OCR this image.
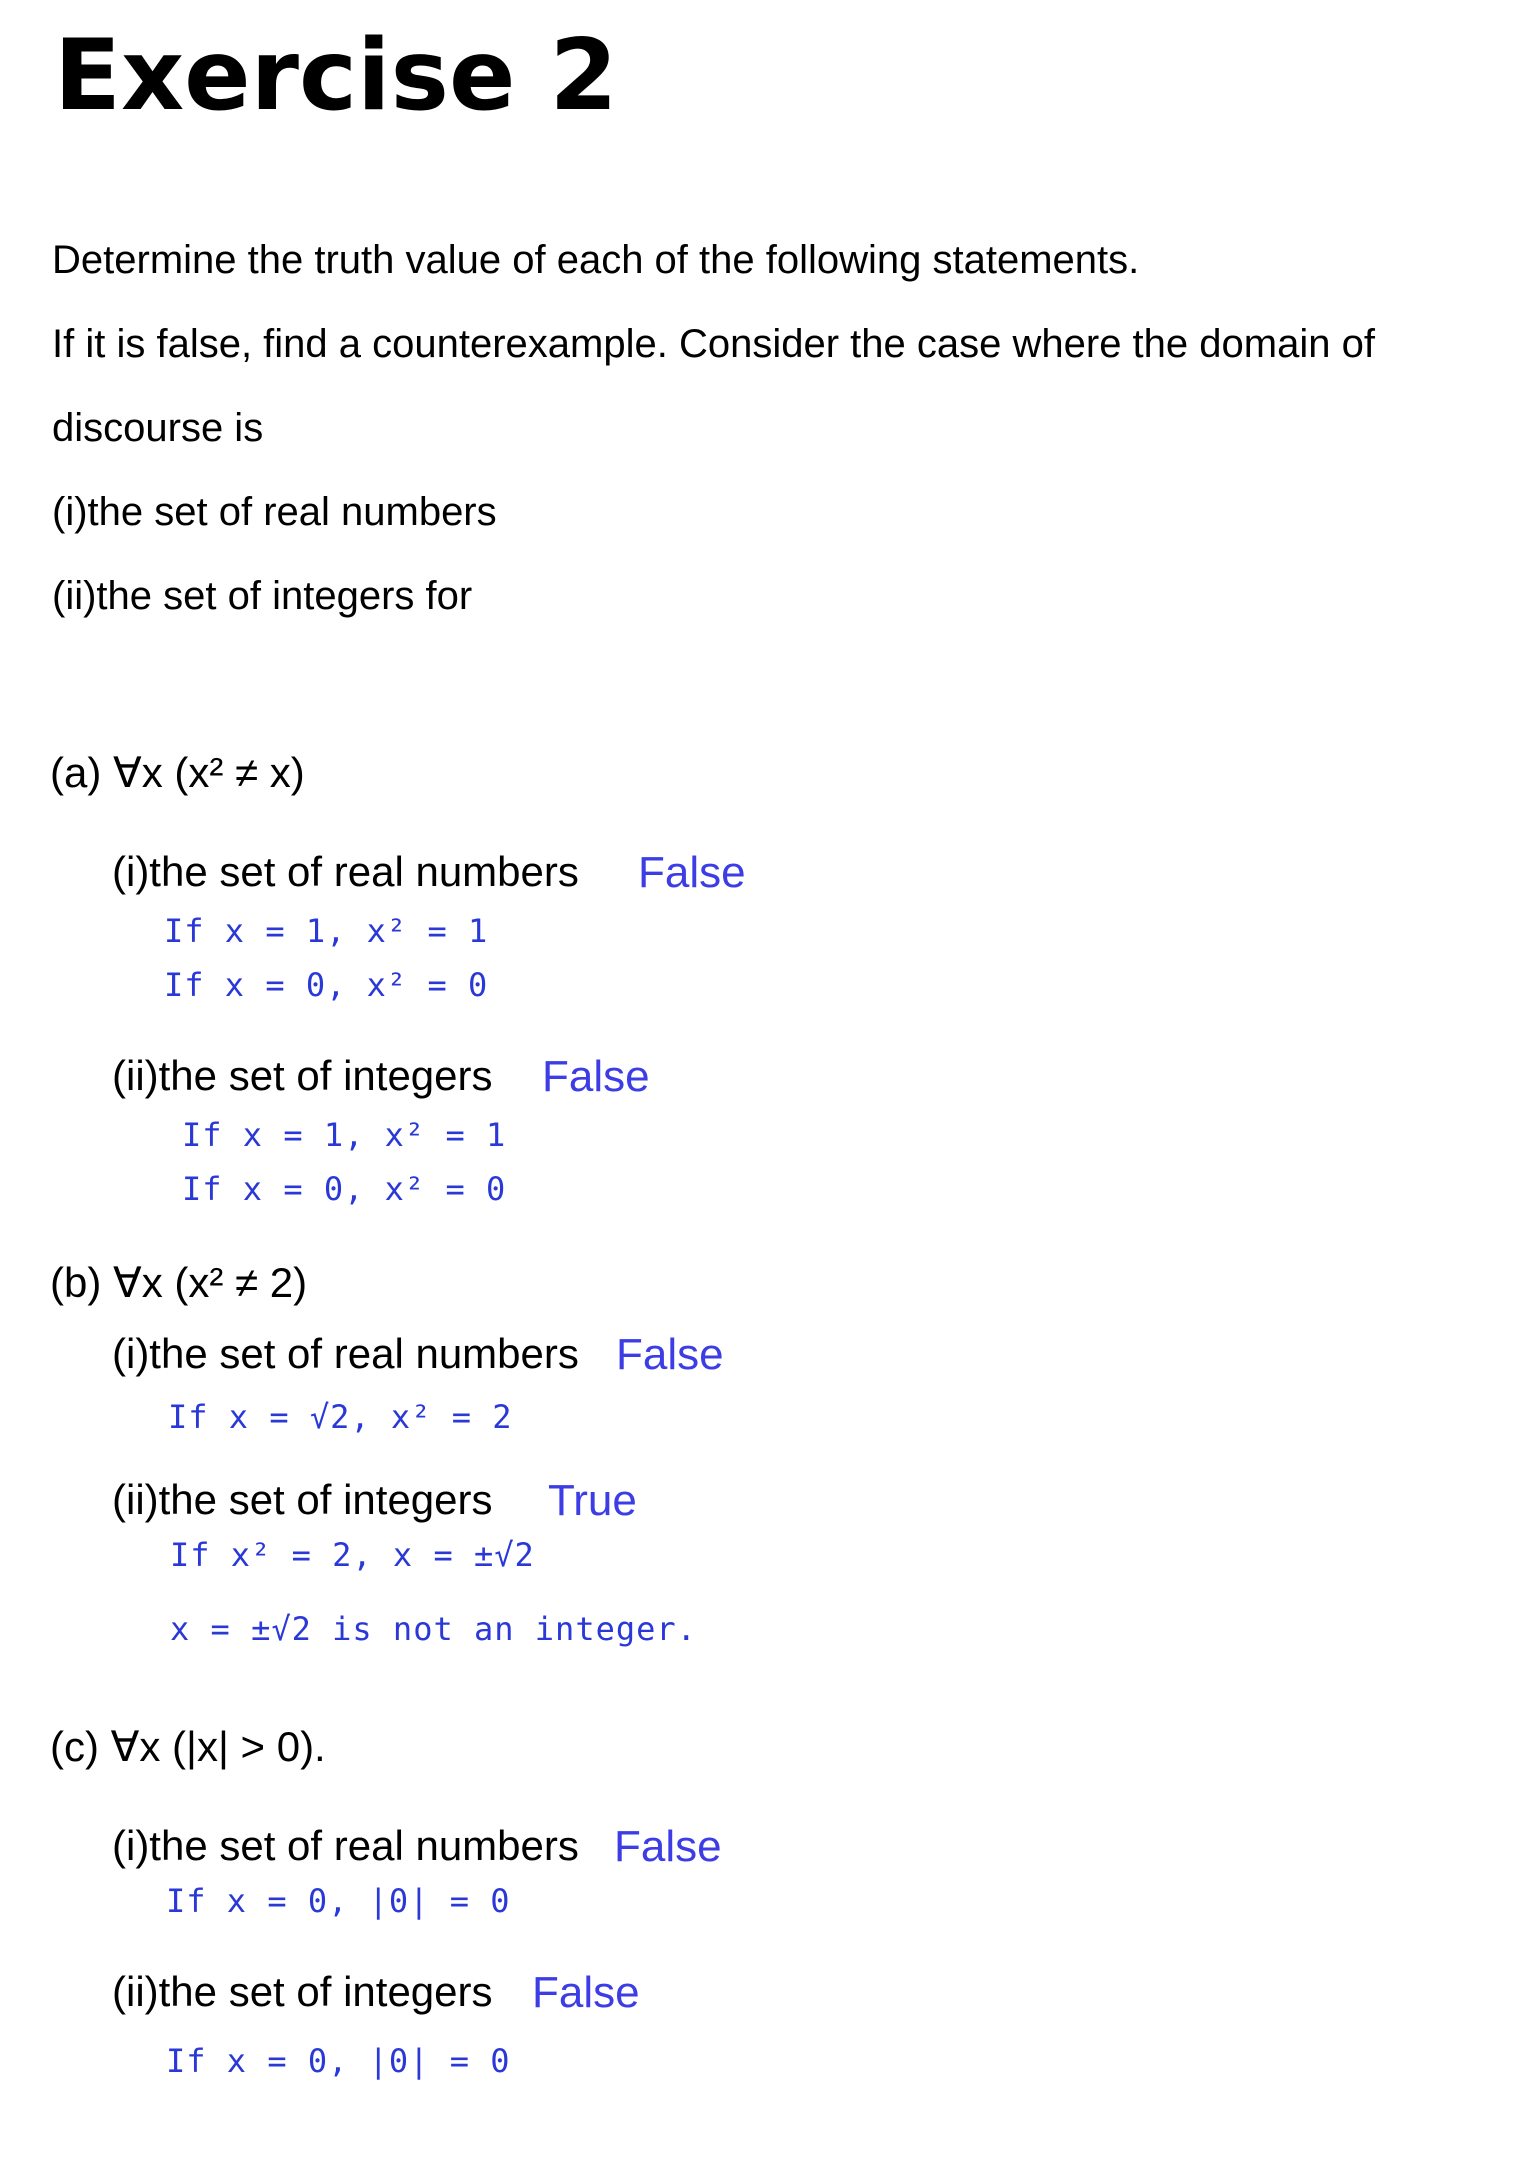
Exercise 2
Determine the truth value of each of the following statements.
If it is false, find a counterexample. Consider the case where the domain of
discourse is
(i)the set of real numbers
(ii)the set of integers for
(a) ∀x (x² ≠ x)
(i)the set of real numbers False
If x = 1, x² = 1
If x = 0, x² = 0
(ii)the set of integers False
If x = 1, x² = 1
If x = 0, x² = 0
(b) ∀x (x² ≠ 2)
(i)the set of real numbers False
If x = √2, x² = 2
(ii)the set of integers True
If x² = 2, x = ±√2
x = ±√2 is not an integer.
(c) ∀x (|x| > 0).
(i)the set of real numbers False
If x = 0, |0| = 0
(ii)the set of integers False
If x = 0, |0| = 0
